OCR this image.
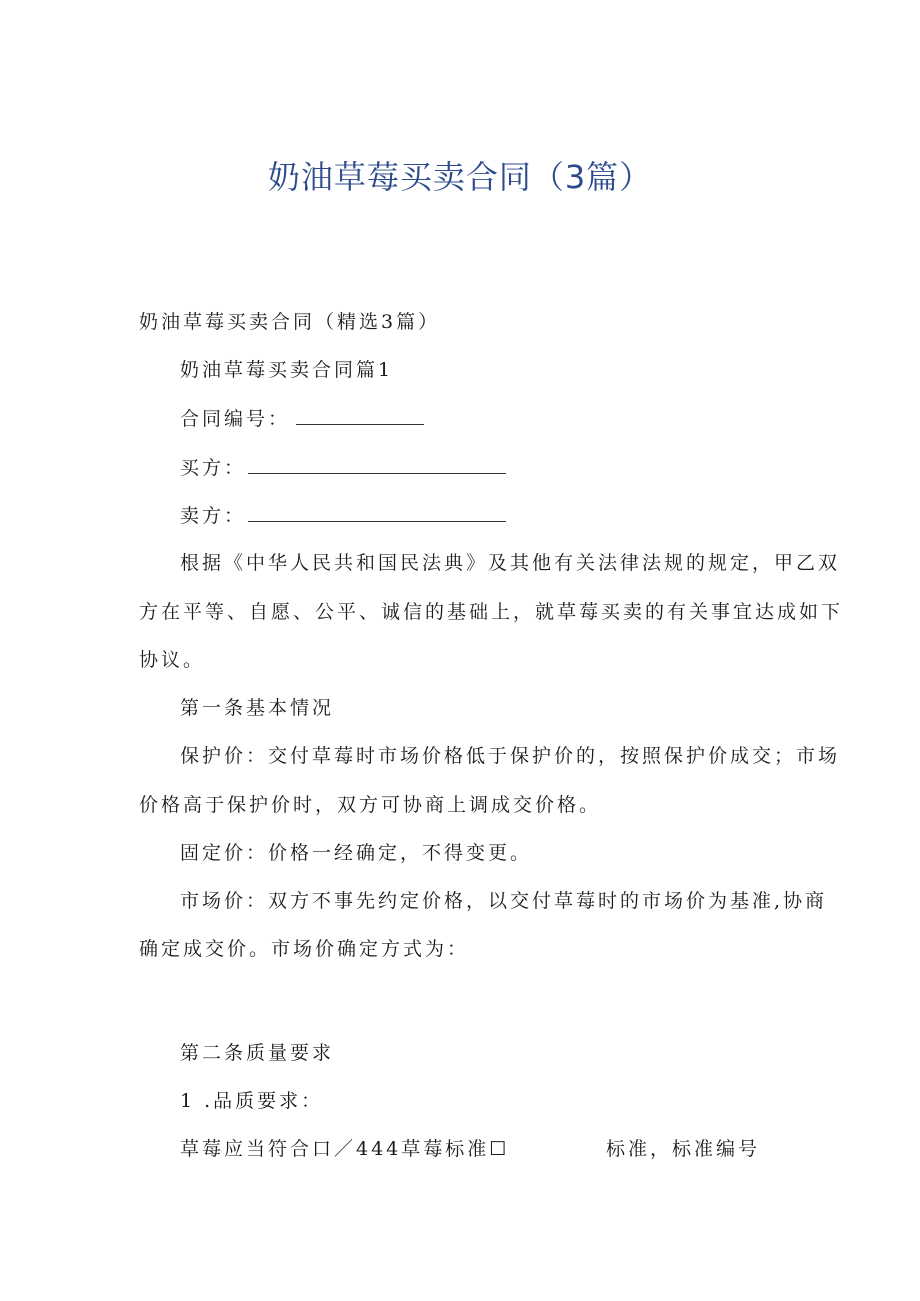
奶油草莓买卖合同（3篇）
奶油草莓买卖合同（精选3篇）
奶油草莓买卖合同篇1
合同编号：
买方：
卖方：
根据《中华人民共和国民法典》及其他有关法律法规的规定，甲乙双
方在平等、自愿、公平、诚信的基础上，就草莓买卖的有关事宜达成如下
协议。
第一条基本情况
保护价：交付草莓时市场价格低于保护价的，按照保护价成交；市场
价格高于保护价时，双方可协商上调成交价格。
固定价：价格一经确定，不得变更。
市场价：双方不事先约定价格，以交付草莓时的市场价为基准,协商
确定成交价。市场价确定方式为：
第二条质量要求
1 .品质要求：
草莓应当符合口／444草莓标准☐	标准，标准编号
